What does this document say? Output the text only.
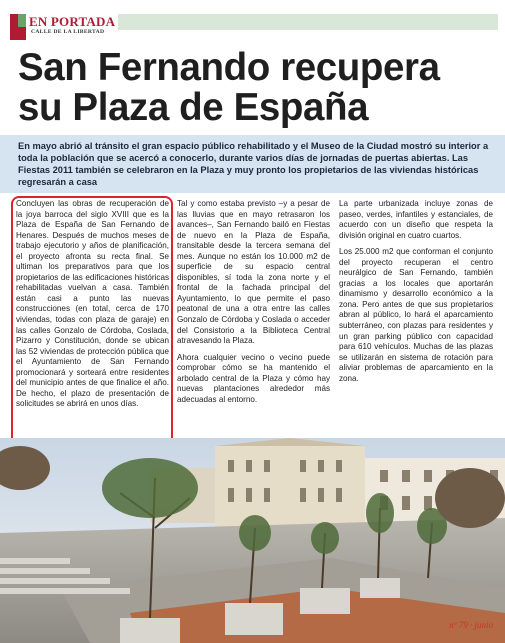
EN PORTADA
CALLE DE LA LIBERTAD
San Fernando recupera
su Plaza de España
En mayo abrió al tránsito el gran espacio público rehabilitado y el Museo de la Ciudad mostró su interior a toda la población que se acercó a conocerlo, durante varios días de jornadas de puertas abiertas. Las Fiestas 2011 también se celebraron en la Plaza y muy pronto los propietarios de las viviendas históricas regresarán a casa

Concluyen las obras de recuperación de la joya barroca del siglo XVIII que es la Plaza de España de San Fernando de Henares. Después de muchos meses de trabajo ejecutorio y años de planificación, el proyecto afronta su recta final. Se ultiman los preparativos para que los propietarios de las edificaciones históricas rehabilitadas vuelvan a casa. También están casi a punto las nuevas construcciones (en total, cerca de 170 viviendas, todas con plaza de garaje) en las calles Gonzalo de Córdoba, Coslada, Pizarro y Constitución, donde se ubican las 52 viviendas de protección pública que el Ayuntamiento de San Fernando promocionará y sorteará entre residentes del municipio antes de que finalice el año. De hecho, el plazo de presentación de solicitudes se abrirá en unos días.

Tal y como estaba previsto –y a pesar de las lluvias que en mayo retrasaron los avances–, San Fernando bailó en Fiestas de nuevo en la Plaza de España, transitable desde la tercera semana del mes. Aunque no están los 10.000 m2 de superficie de su espacio central disponibles, sí toda la zona norte y el frontal de la fachada principal del Ayuntamiento, lo que permite el paso peatonal de una a otra entre las calles Gonzalo de Córdoba y Coslada o acceder del Consistorio a la Biblioteca Central atravesando la Plaza.

Ahora cualquier vecino o vecino puede comprobar cómo se ha mantenido el arbolado central de la Plaza y cómo hay nuevas plantaciones alrededor más adecuadas al entorno.

La parte urbanizada incluye zonas de paseo, verdes, infantiles y estanciales, de acuerdo con un diseño que respeta la división original en cuatro cuartos.

Los 25.000 m2 que conforman el conjunto del proyecto recuperan el centro neurálgico de San Fernando, también gracias a los locales que aportarán dinamismo y desarrollo económico a la zona. Pero antes de que sus propietarios abran al público, lo hará el aparcamiento subterráneo, con plazas para residentes y un gran parking público con capacidad para 610 vehículos. Muchas de las plazas se utilizarán en sistema de rotación para aliviar problemas de aparcamiento en la zona.

nº 79 · junio
